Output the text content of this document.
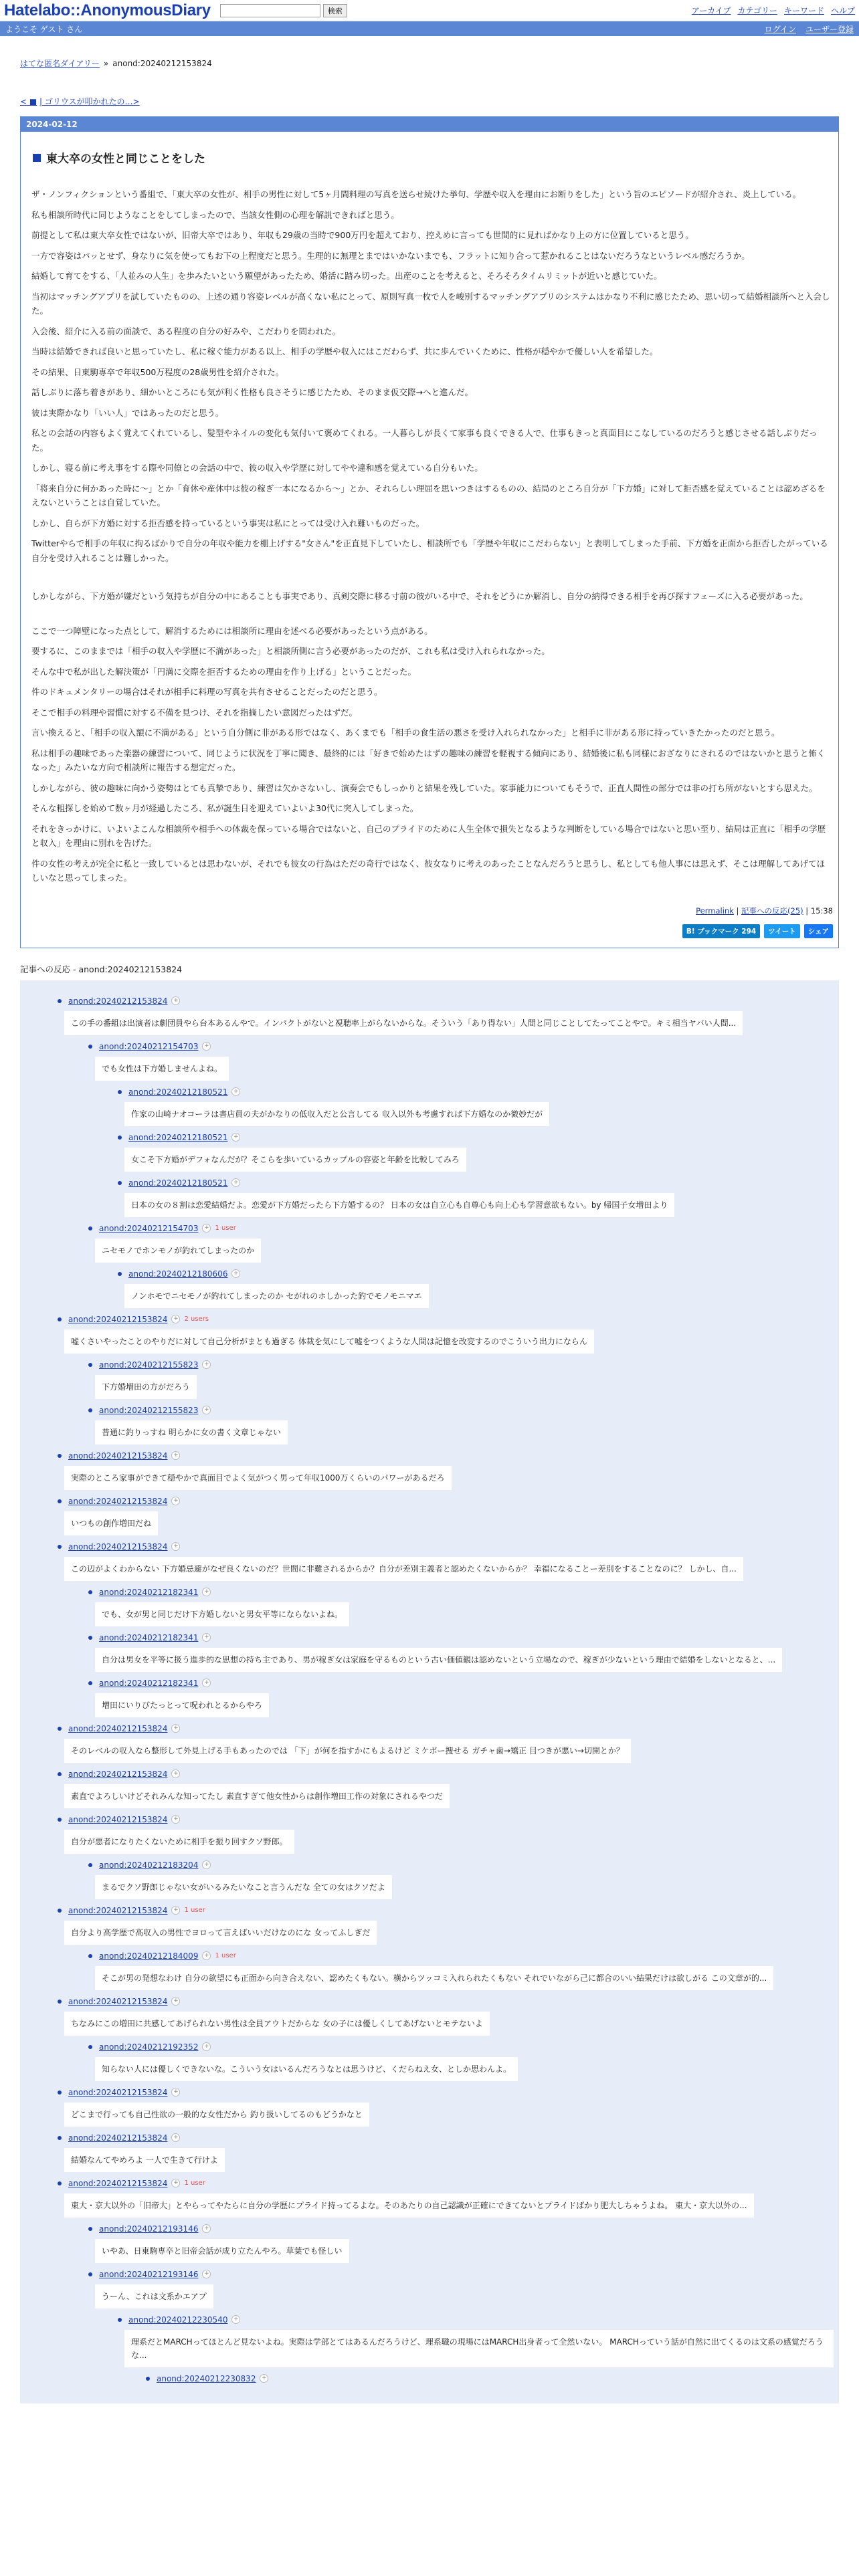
Hatelabo::AnonymousDiary	検索	アーカイブ カテゴリー キーワード ヘルプ
ようこそ ゲスト さん	ログイン ユーザー登録
はてな匿名ダイアリー » anond:20240212153824
< ■ | ゴリウスが叩かれたの…>
2024-02-12
東大卒の女性と同じことをした

ザ・ノンフィクションという番組で、「東大卒の女性が、相手の男性に対して5ヶ月間料理の写真を送らせ続けた挙句、学歴や収入を理由にお断りをした」という旨のエピソードが紹介され、炎上している。

私も相談所時代に同じようなことをしてしまったので、当該女性側の心理を解説できればと思う。

前提として私は東大卒女性ではないが、旧帝大卒ではあり、年収も29歳の当時で900万円を超えており、控えめに言っても世間的に見ればかなり上の方に位置していると思う。

一方で容姿はパッとせず、身なりに気を使ってもお下の上程度だと思う。生理的に無理とまではいかないまでも、フラットに知り合って惹かれることはないだろうなというレベル感だろうか。

結婚して育てをする、「人並みの人生」を歩みたいという願望があったため、婚活に踏み切った。出産のことを考えると、そろそろタイムリミットが近いと感じていた。

当初はマッチングアプリを試していたものの、上述の通り容姿レベルが高くない私にとって、原則写真一枚で人を峻別するマッチングアプリのシステムはかなり不利に感じたため、思い切って結婚相談所へと入会した。

入会後、紹介に入る前の面談で、ある程度の自分の好みや、こだわりを問われた。

当時は結婚できれば良いと思っていたし、私に稼ぐ能力がある以上、相手の学歴や収入にはこだわらず、共に歩んでいくために、性格が穏やかで優しい人を希望した。

その結果、日東駒専卒で年収500万程度の28歳男性を紹介された。

話しぶりに落ち着きがあり、細かいところにも気が利く性格も良さそうに感じたため、そのまま仮交際→へと進んだ。

彼は実際かなり「いい人」ではあったのだと思う。

私との会話の内容もよく覚えてくれているし、髪型やネイルの変化も気付いて褒めてくれる。一人暮らしが長くて家事も良くできる人で、仕事もきっと真面目にこなしているのだろうと感じさせる話しぶりだった。

しかし、寝る前に考え事をする際や同僚との会話の中で、彼の収入や学歴に対してやや違和感を覚えている自分もいた。

「将来自分に何かあった時に〜」とか「育休や産休中は彼の稼ぎ一本になるから〜」とか、それらしい理屈を思いつきはするものの、結局のところ自分が「下方婚」に対して拒否感を覚えていることは認めざるをえないということは自覚していた。

しかし、自らが下方婚に対する拒否感を持っているという事実は私にとっては受け入れ難いものだった。

Twitterやらで相手の年収に拘るばかりで自分の年収や能力を棚上げする"女さん"を正直見下していたし、相談所でも「学歴や年収にこだわらない」と表明してしまった手前、下方婚を正面から拒否したがっている自分を受け入れることは難しかった。

しかしながら、下方婚が嫌だという気持ちが自分の中にあることも事実であり、真剣交際に移る寸前の彼がいる中で、それをどうにか解消し、自分の納得できる相手を再び探すフェーズに入る必要があった。

ここで一つ障壁になった点として、解消するためには相談所に理由を述べる必要があったという点がある。

要するに、このままでは「相手の収入や学歴に不満があった」と相談所側に言う必要があったのだが、これも私は受け入れられなかった。

そんな中で私が出した解決策が「円満に交際を拒否するための理由を作り上げる」ということだった。

件のドキュメンタリーの場合はそれが相手に料理の写真を共有させることだったのだと思う。

そこで相手の料理や習慣に対する不備を見つけ、それを指摘したい意図だったはずだ。

言い換えると、「相手の収入額に不満がある」という自分側に非がある形ではなく、あくまでも「相手の食生活の悪さを受け入れられなかった」と相手に非がある形に持っていきたかったのだと思う。

私は相手の趣味であった楽器の練習について、同じように状況を丁寧に聞き、最終的には「好きで始めたはずの趣味の練習を軽視する傾向にあり、結婚後に私も同様におざなりにされるのではないかと思うと怖くなった」みたいな方向で相談所に報告する想定だった。

しかしながら、彼の趣味に向かう姿勢はとても真摯であり、練習は欠かさないし、演奏会でもしっかりと結果を残していた。家事能力についてもそうで、正直人間性の部分では非の打ち所がないとすら思えた。

そんな粗探しを始めて数ヶ月が経過したころ、私が誕生日を迎えていよいよ30代に突入してしまった。

それをきっかけに、いよいよこんな相談所や相手への体裁を保っている場合ではないと、自己のプライドのために人生全体で損失となるような判断をしている場合ではないと思い至り、結局は正直に「相手の学歴と収入」を理由に別れを告げた。

件の女性の考えが完全に私と一致しているとは思わないが、それでも彼女の行為はただの奇行ではなく、彼女なりに考えのあったことなんだろうと思うし、私としても他人事には思えず、そこは理解してあげてほしいなと思ってしまった。

Permalink | 記事への反応(25) | 15:38
B! ブックマーク 294	ツイート	シェア
記事への反応 - anond:20240212153824
anond:20240212153824 +
この手の番組は出演者は劇団員やら台本あるんやで。インパクトがないと視聴率上がらないからな。そういう「あり得ない」人間と同じことしてたってことやで。キミ相当ヤバい人間...
anond:20240212154703 +
でも女性は下方婚しませんよね。
anond:20240212180521 +
作家の山崎ナオコーラは書店員の夫がかなりの低収入だと公言してる 収入以外も考慮すれば下方婚なのか微妙だが
anond:20240212180521 +
女こそ下方婚がデフォなんだが？そこらを歩いているカップルの容姿と年齢を比較してみろ
anond:20240212180521 +
日本の女の８割は恋愛結婚だよ。恋愛が下方婚だったら下方婚するの？ 日本の女は自立心も自尊心も向上心も学習意欲もない。by 帰国子女増田より
anond:20240212154703 + 1 user
ニセモノでホンモノが釣れてしまったのか
anond:20240212180606 +
ノンホモでニセモノが釣れてしまったのか セがれのホしかった釣でモノモニマエ
anond:20240212153824 + 2 users
嘘くさいやったことのやりだに対して自己分析がまとも過ぎる 体裁を気にして嘘をつくような人間は記憶を改変するのでこういう出力にならん
anond:20240212155823 +
下方婚増田の方がだろう
anond:20240212155823 +
普通に釣りっすね 明らかに女の書く文章じゃない
anond:20240212153824 +
実際のところ家事ができて穏やかで真面目でよく気がつく男って年収1000万くらいのパワーがあるだろ
anond:20240212153824 +
いつもの創作増田だね
anond:20240212153824 +
この辺がよくわからない 下方婚忌避がなぜ良くないのだ？世間に非難されるからか？自分が差別主義者と認めたくないからか？ 幸福になることー差別をすることなのに？ しかし、自...
anond:20240212182341 +
でも、女が男と同じだけ下方婚しないと男女平等にならないよね。
anond:20240212182341 +
自分は男女を平等に扱う進歩的な思想の持ち主であり、男が稼ぎ女は家庭を守るものという古い価値観は認めないという立場なので、稼ぎが少ないという理由で結婚をしないとなると、...
anond:20240212182341 +
増田にいりびたっとって呪われとるからやろ
anond:20240212153824 +
そのレベルの収入なら整形して外見上げる手もあったのでは 「下」が何を指すかにもよるけど ミケポー捜せる ガチャ歯→矯正 目つきが悪い→切開とか？
anond:20240212153824 +
素直でよろしいけどそれみんな知ってたし 素直すぎて他女性からは創作増田工作の対象にされるやつだ
anond:20240212153824 +
自分が悪者になりたくないために相手を振り回すクソ野郎。
anond:20240212183204 +
まるでクソ野郎じゃない女がいるみたいなこと言うんだな 全ての女はクソだよ
anond:20240212153824 + 1 user
自分より高学歴で高収入の男性でヨロって言えばいいだけなのにな 女ってふしぎだ
anond:20240212184009 + 1 user
そこが男の発想なわけ 自分の欲望にも正面から向き合えない、認めたくもない。横からツッコミ入れられたくもない それでいながら己に都合のいい結果だけは欲しがる この文章が的...
anond:20240212153824 +
ちなみにこの増田に共感してあげられない男性は全員アウトだからな 女の子には優しくしてあげないとモテないよ
anond:20240212192352 +
知らない人には優しくできないな。こういう女はいるんだろうなとは思うけど、くだらねえ女、としか思わんよ。
anond:20240212153824 +
どこまで行っても自己性欲の一般的な女性だから 釣り扱いしてるのもどうかなと
anond:20240212153824 +
結婚なんてやめろよ 一人で生きて行けよ
anond:20240212153824 + 1 user
東大・京大以外の「旧帝大」とやらってやたらに自分の学歴にプライド持ってるよな。そのあたりの自己認識が正確にできてないとプライドばかり肥大しちゃうよね。 東大・京大以外の...
anond:20240212193146 +
いやあ、日東駒専卒と旧帝会話が成り立たんやろ。草葉でも怪しい
anond:20240212193146 +
うーん、これは文系かエアプ
anond:20240212230540 +
理系だとMARCHってほとんど見ないよね。実際は学部とてはあるんだろうけど、理系職の現場にはMARCH出身者って全然いない。 MARCHっていう話が自然に出てくるのは文系の感覚だろうな...
anond:20240212230832 +
